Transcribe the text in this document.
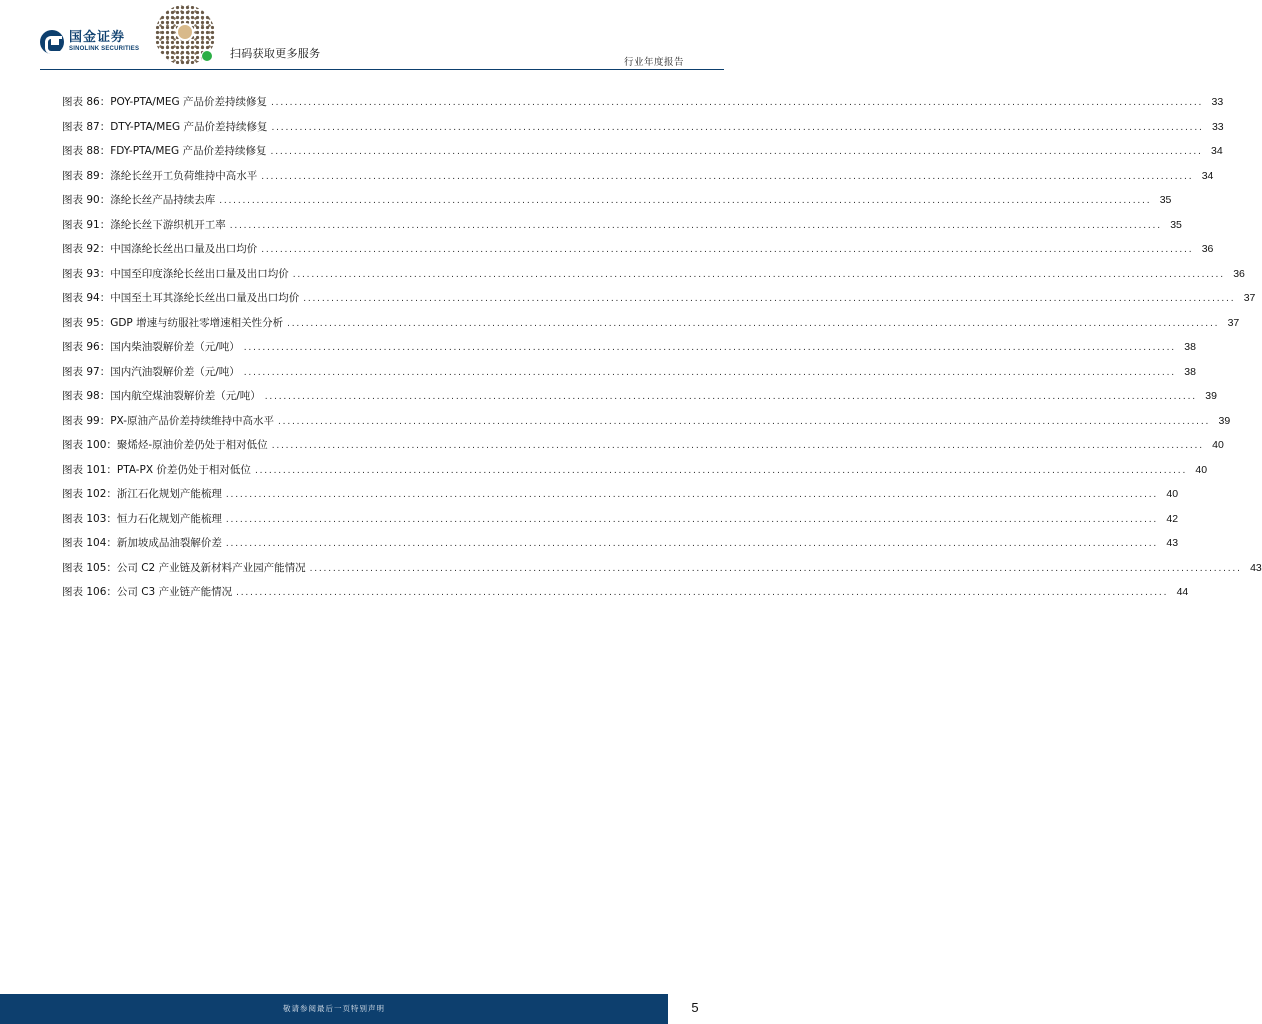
国金证券
SINOLINK SECURITIES	扫码获取更多服务
行业年度报告
图表 86： POY-PTA/MEG 产品价差持续修复 ........................................................................................................................................................................................................ 33
图表 87： DTY-PTA/MEG 产品价差持续修复 ........................................................................................................................................................................................................ 33
图表 88： FDY-PTA/MEG 产品价差持续修复 ........................................................................................................................................................................................................ 34
图表 89： 涤纶长丝开工负荷维持中高水平 ........................................................................................................................................................................................................ 34
图表 90： 涤纶长丝产品持续去库 ........................................................................................................................................................................................................ 35
图表 91： 涤纶长丝下游织机开工率 ........................................................................................................................................................................................................ 35
图表 92： 中国涤纶长丝出口量及出口均价 ........................................................................................................................................................................................................ 36
图表 93： 中国至印度涤纶长丝出口量及出口均价 ........................................................................................................................................................................................................ 36
图表 94： 中国至土耳其涤纶长丝出口量及出口均价 ........................................................................................................................................................................................................ 37
图表 95： GDP 增速与纺服社零增速相关性分析 ........................................................................................................................................................................................................ 37
图表 96： 国内柴油裂解价差（元/吨） ........................................................................................................................................................................................................ 38
图表 97： 国内汽油裂解价差（元/吨） ........................................................................................................................................................................................................ 38
图表 98： 国内航空煤油裂解价差（元/吨） ........................................................................................................................................................................................................ 39
图表 99： PX-原油产品价差持续维持中高水平 ........................................................................................................................................................................................................ 39
图表 100： 聚烯烃-原油价差仍处于相对低位 ........................................................................................................................................................................................................ 40
图表 101： PTA-PX 价差仍处于相对低位 ........................................................................................................................................................................................................ 40
图表 102： 浙江石化规划产能梳理 ........................................................................................................................................................................................................ 40
图表 103： 恒力石化规划产能梳理 ........................................................................................................................................................................................................ 42
图表 104： 新加坡成品油裂解价差 ........................................................................................................................................................................................................ 43
图表 105： 公司 C2 产业链及新材料产业园产能情况 ........................................................................................................................................................................................................ 43
图表 106： 公司 C3 产业链产能情况 ........................................................................................................................................................................................................ 44
敬请参阅最后一页特别声明	5
